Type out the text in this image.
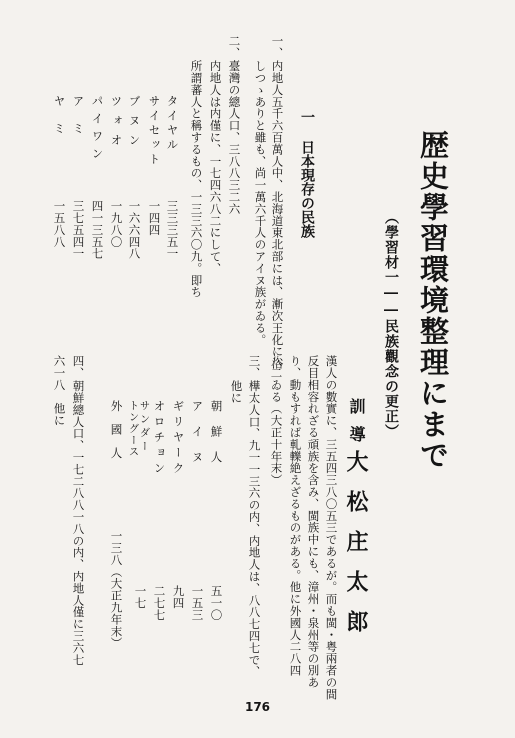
歴史學習環境整理にまで
（學習材一――民族觀念の更正）
訓導
大松庄太郎
一
日本現存の民族
一、
内地人五千六百萬人中、北海道東北部には、漸次王化に浴
しつゝありと雖も、尚一萬六千人のアイヌ族がゐる。
二、
臺灣の總人口、三八八三二六
内地人は内僅に、一七四六八二にして、
所謂蕃人と稱するもの、一三三六〇九。即ち
タイヤル
三三三五一
サイセット
一四四
ブヌン
一六六四八
ツォオ
一九八〇
パイワン
四一三五七
アミ
三七五四一
ヤミ
一五八八
漢人の數實に、三五四三八〇五三であるが。而も閩・粤兩者の間
反目相容れざる頑族を含み、閩族中にも、漳州・泉州等の別あ
り、動もすれば軋轢絶えざるものがある。他に外國人二八四
八二ゐる（大正十年末）
三、
樺太人口、九一一三六の内、内地人は、八八七四七で、
他に
朝鮮人
五一〇
アイヌ
一五三
ギリヤーク
九四
オロチョン
二七七
サンダー
トングース
一七
外國人
一三八（大正九年末）
四、
朝鮮總人口、一七二八八一八の内、内地人僅に三六七
六一八　他に
176
